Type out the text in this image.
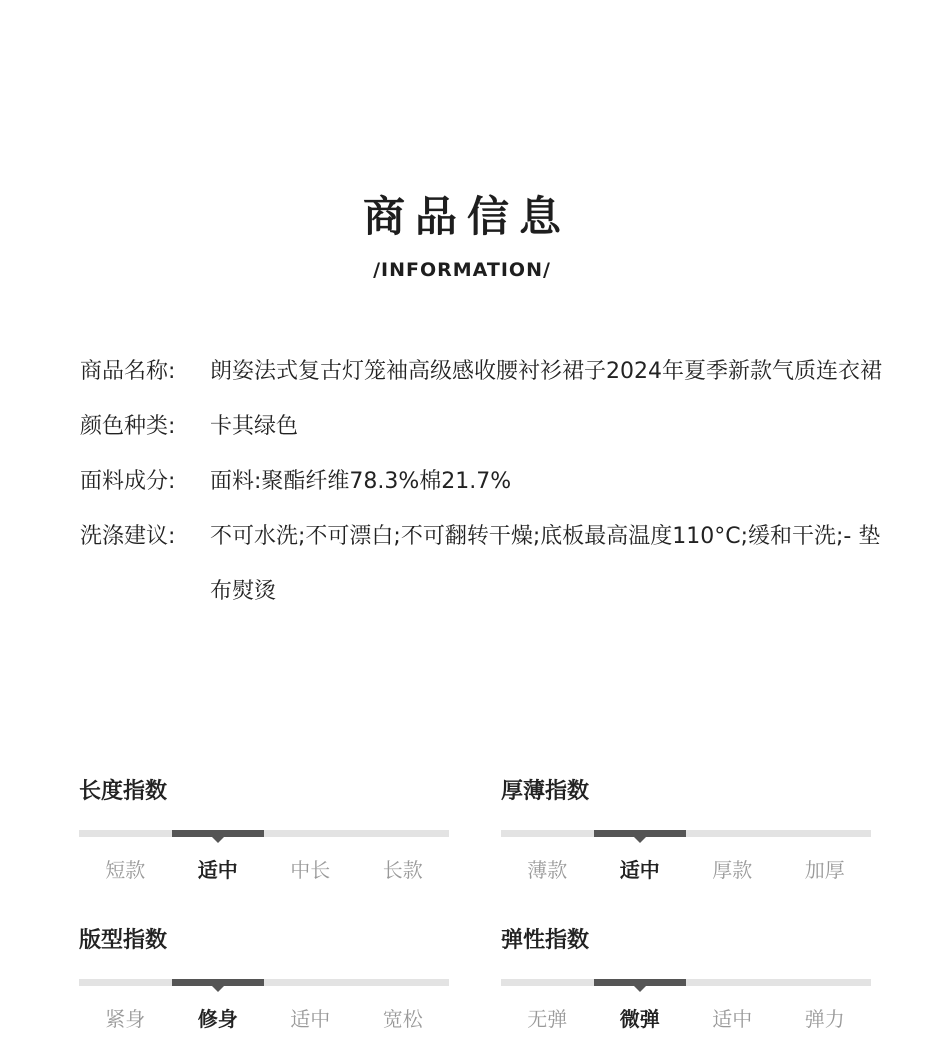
商品信息
/INFORMATION/
商品名称:	朗姿法式复古灯笼袖高级感收腰衬衫裙子2024年夏季新款气质连衣裙
颜色种类:	卡其绿色
面料成分:	面料:聚酯纤维78.3%棉21.7%
洗涤建议:	不可水洗;不可漂白;不可翻转干燥;底板最高温度110°C;缓和干洗;- 垫布熨烫
长度指数
短款	适中	中长	长款
厚薄指数
薄款	适中	厚款	加厚
版型指数
紧身	修身	适中	宽松
弹性指数
无弹	微弹	适中	弹力
